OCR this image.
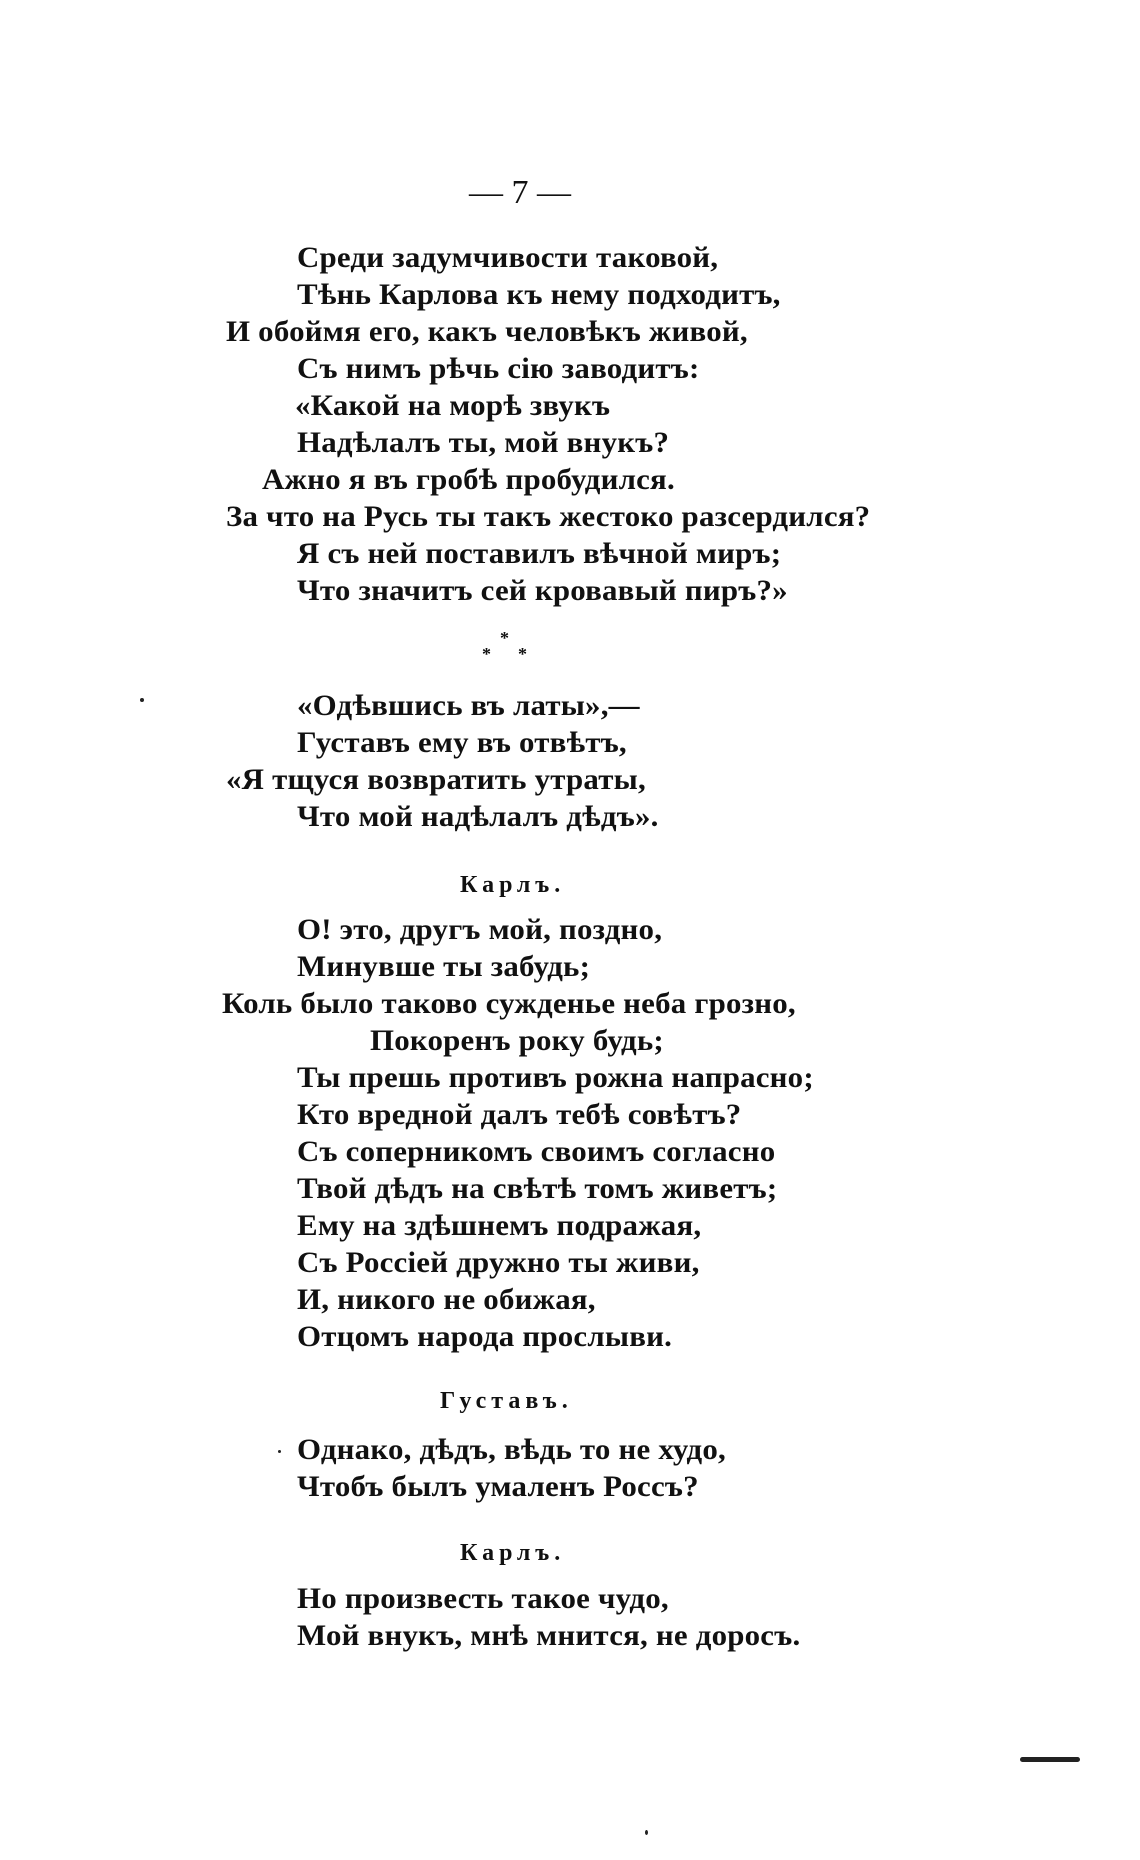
— 7 —
Среди задумчивости таковой,
Тѣнь Карлова къ нему подходитъ,
И обоймя его, какъ человѣкъ живой,
Съ нимъ рѣчь сію заводитъ:
«Какой на морѣ звукъ
Надѣлалъ ты, мой внукъ?
Ажно я въ гробѣ пробудился.
За что на Русь ты такъ жестоко разсердился?
Я съ ней поставилъ вѣчной миръ;
Что значитъ сей кровавый пиръ?»
*
* *
«Одѣвшись въ латы»,—
Густавъ ему въ отвѣтъ,
«Я тщуся возвратить утраты,
Что мой надѣлалъ дѣдъ».
Карлъ.
О! это, другъ мой, поздно,
Минувше ты забудь;
Коль было таково сужденье неба грозно,
Покоренъ року будь;
Ты прешь противъ рожна напрасно;
Кто вредной далъ тебѣ совѣтъ?
Съ соперникомъ своимъ согласно
Твой дѣдъ на свѣтѣ томъ живетъ;
Ему на здѣшнемъ подражая,
Съ Россіей дружно ты живи,
И, никого не обижая,
Отцомъ народа прослыви.
Густавъ.
Однако, дѣдъ, вѣдь то не худо,
Чтобъ былъ умаленъ Россъ?
Карлъ.
Но произвесть такое чудо,
Мой внукъ, мнѣ мнится, не доросъ.
